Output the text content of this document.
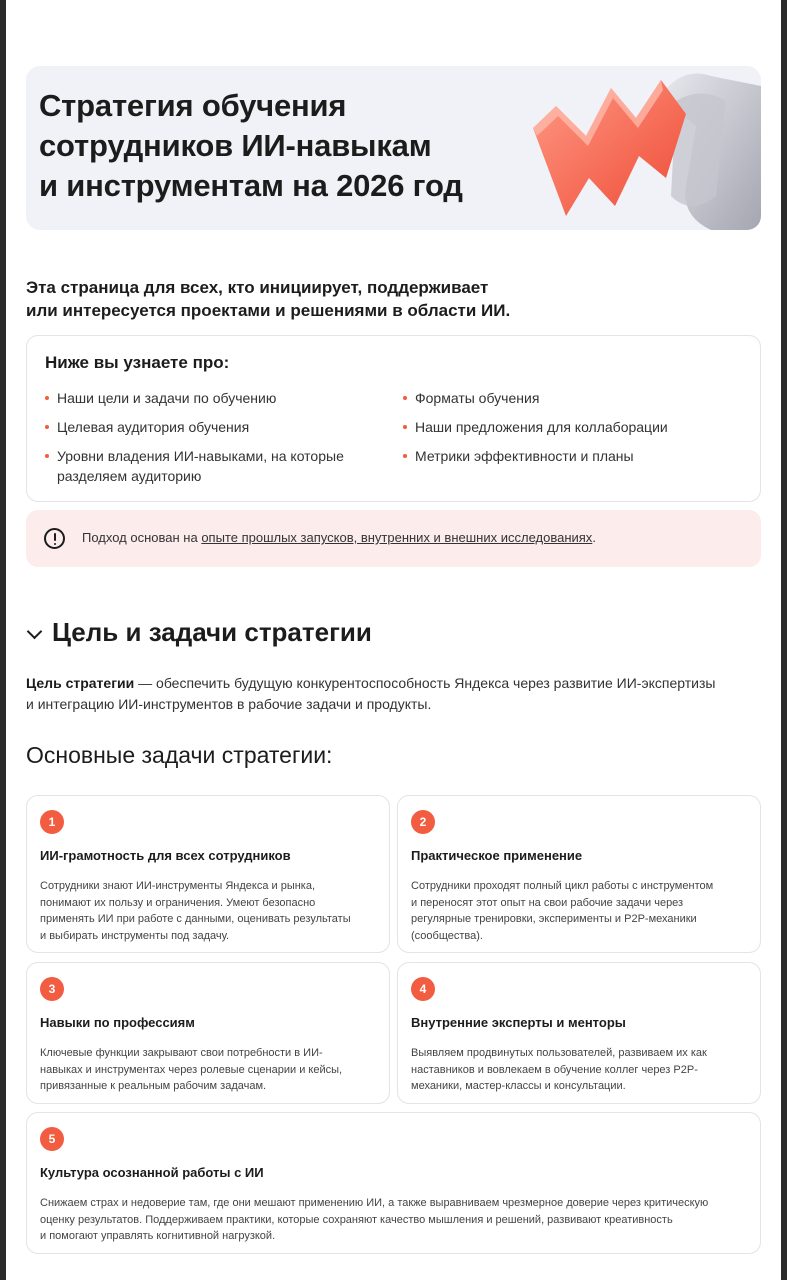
Стратегия обучения
сотрудников ИИ-навыкам
и инструментам на 2026 год

Эта страница для всех, кто инициирует, поддерживает

или интересуется проектами и решениями в области ИИ.

Ниже вы узнаете про:
Наши цели и задачи по обучению
Целевая аудитория обучения
Уровни владения ИИ-навыками, на которые разделяем аудиторию
Форматы обучения
Наши предложения для коллаборации
Метрики эффективности и планы
Подход основан на опыте прошлых запусков, внутренних и внешних исследованиях.
Цель и задачи стратегии
Цель стратегии — обеспечить будущую конкурентоспособность Яндекса через развитие ИИ-экспертизы
и интеграцию ИИ-инструментов в рабочие задачи и продукты.
Основные задачи стратегии:
1
ИИ-грамотность для всех сотрудников
Сотрудники знают ИИ-инструменты Яндекса и рынка,
понимают их пользу и ограничения. Умеют безопасно
применять ИИ при работе с данными, оценивать результаты
и выбирать инструменты под задачу.
2
Практическое применение
Сотрудники проходят полный цикл работы с инструментом
и переносят этот опыт на свои рабочие задачи через
регулярные тренировки, эксперименты и P2P-механики
(сообщества).
3
Навыки по профессиям
Ключевые функции закрывают свои потребности в ИИ-
навыках и инструментах через ролевые сценарии и кейсы,
привязанные к реальным рабочим задачам.
4
Внутренние эксперты и менторы
Выявляем продвинутых пользователей, развиваем их как
наставников и вовлекаем в обучение коллег через P2P-
механики, мастер-классы и консультации.
5
Культура осознанной работы с ИИ
Снижаем страх и недоверие там, где они мешают применению ИИ, а также выравниваем чрезмерное доверие через критическую
оценку результатов. Поддерживаем практики, которые сохраняют качество мышления и решений, развивают креативность
и помогают управлять когнитивной нагрузкой.
